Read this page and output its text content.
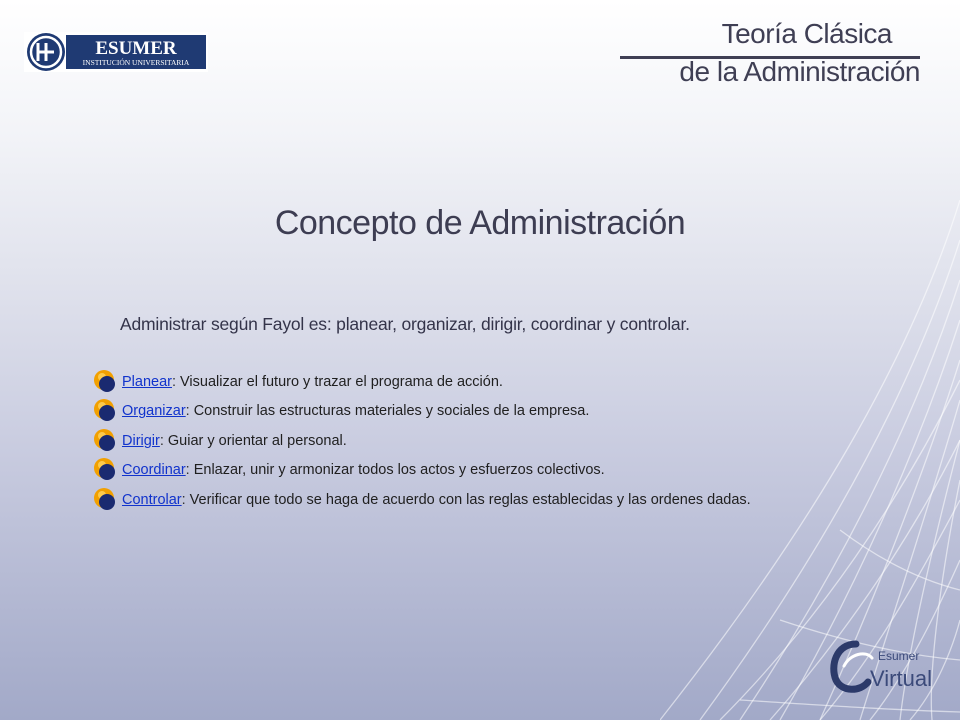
ESUMER
INSTITUCIÓN UNIVERSITARIA
Teoría Clásica
de la Administración
Concepto de Administración
Administrar según Fayol es: planear, organizar, dirigir, coordinar y controlar.
Planear : Visualizar el futuro y trazar el programa de acción.
Organizar : Construir las estructuras materiales y sociales de la empresa.
Dirigir : Guiar y orientar al personal.
Coordinar : Enlazar, unir y armonizar todos los actos y esfuerzos colectivos.
Controlar : Verificar que todo se haga de acuerdo con las reglas establecidas y las ordenes dadas.
Esumer
Virtual
